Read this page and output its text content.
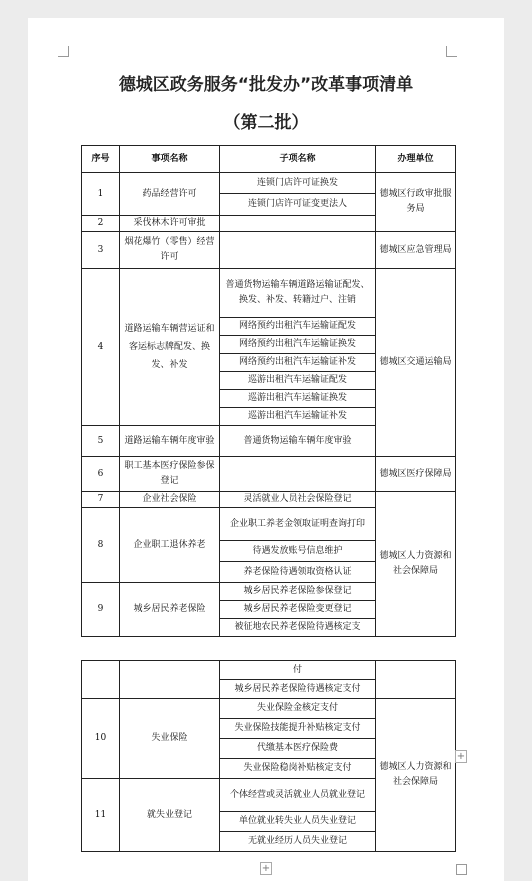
德城区政务服务“批发办”改革事项清单
（第二批）
序号	事项名称	子项名称	办理单位
1	药品经营许可	连锁门店许可证换发	德城区行政审批服务局
		连锁门店许可证变更法人	
2	采伐林木许可审批		
3	烟花爆竹（零售）经营许可		德城区应急管理局
4	道路运输车辆营运证和客运标志牌配发、换发、补发	普通货物运输车辆道路运输证配发、换发、补发、转籍过户、注销	德城区交通运输局
		网络预约出租汽车运输证配发	
		网络预约出租汽车运输证换发	
		网络预约出租汽车运输证补发	
		巡游出租汽车运输证配发	
		巡游出租汽车运输证换发	
		巡游出租汽车运输证补发	
5	道路运输车辆年度审验	普通货物运输车辆年度审验	
6	职工基本医疗保险参保登记		德城区医疗保障局
7	企业社会保险	灵活就业人员社会保险登记	德城区人力资源和社会保障局
8	企业职工退休养老	企业职工养老金领取证明查询打印	
		待遇发放账号信息维护	
		养老保险待遇领取资格认证	
9	城乡居民养老保险	城乡居民养老保险参保登记	
		城乡居民养老保险变更登记	
		被征地农民养老保险待遇核定支	
		付	
		城乡居民养老保险待遇核定支付	
10	失业保险	失业保险金核定支付	德城区人力资源和社会保障局
		失业保险技能提升补贴核定支付	
		代缴基本医疗保险费	
		失业保险稳岗补贴核定支付	
11	就失业登记	个体经营或灵活就业人员就业登记	
		单位就业转失业人员失业登记	
		无就业经历人员失业登记	
+
+
